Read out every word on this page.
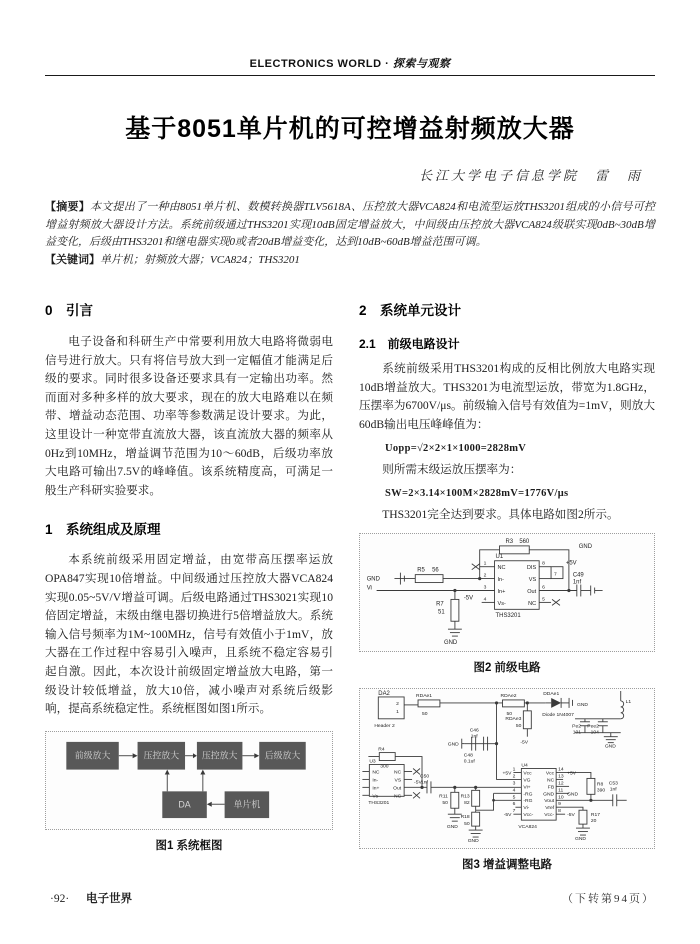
ELECTRONICS WORLD · 探索与观察
基于8051单片机的可控增益射频放大器
长江大学电子信息学院　雷　雨
【摘要】本文提出了一种由8051单片机、数模转换器TLV5618A、压控放大器VCA824和电流型运放THS3201组成的小信号可控增益射频放大器设计方法。系统前级通过THS3201实现10dB固定增益放大，中间级由压控放大器VCA824级联实现0dB~30dB增益变化，后级由THS3201和继电器实现0或者20dB增益变化，达到10dB~60dB增益范围可调。
【关键词】单片机；射频放大器；VCA824；THS3201
0　引言

电子设备和科研生产中常要利用放大电路将微弱电信号进行放大。只有将信号放大到一定幅值才能满足后级的要求。同时很多设备还要求具有一定输出功率。然而面对多种多样的放大要求，现在的放大电路难以在频带、增益动态范围、功率等参数满足设计要求。为此，这里设计一种宽带直流放大器，该直流放大器的频率从0Hz到10MHz，增益调节范围为10～60dB，后级功率放大电路可输出7.5V的峰峰值。该系统精度高，可满足一般生产科研实验要求。

1　系统组成及原理

本系统前级采用固定增益，由宽带高压摆率运放OPA847实现10倍增益。中间级通过压控放大器VCA824实现0.05~5V/V增益可调。后级电路通过THS3021实现10倍固定增益，末级由继电器切换进行5倍增益放大。系统输入信号频率为1M~100MHz，信号有效值小于1mV，放大器在工作过程中容易引入噪声，且系统不稳定容易引起自激。因此，本次设计前级固定增益放大电路，第一级设计较低增益，放大10倍，减小噪声对系统后级影响，提高系统稳定性。系统框图如图1所示。

前级放大	压控放大	压控放大	后级放大
DA	单片机
图1 系统框图
2　系统单元设计
2.1　前级电路设计

系统前级采用THS3201构成的反相比例放大电路实现10dB增益放大。THS3201为电流型运放，带宽为1.8GHz，压摆率为6700V/μs。前级输入信号有效值为=1mV，则放大60dB输出电压峰峰值为：

Uopp=√2×2×1×1000=2828mV

则所需末级运放压摆率为：

SW=2×3.14×100M×2828mV=1776V/μs

THS3201完全达到要求。具体电路如图2所示。

R3 560
R5 56
R7
51
GND
Vi
GND
U1
THS3201
NC
In-
In+
Vs-
DIS
VS
Out
NC
1
2
3
4
8
7
6
5
+5V
-5V
C49
1nf
GND
图2 前级电路
DA2
2
1
Header 2
RDAe1
50
RDAe2
50
RDAe3
50
-5V
DDAe1
Diode 1N4007
GND
C46
1nf
C48
0.1uf
GND
Pe2
101
Pee2
104
GND
L1
R4
300
U3
NC
In-
In+
Vs-
NC
VS
Out
NC
THS3201
-5V
C50
1nf
R11
50
R13
82
R18
50
GND
GND
U4
VCA824
Vcc
VG
Vi+
-RG
-RG
Vi-
Vcc-
Vcc
NC
FB
GND
Vout
Vref
Vcc-
1
2
3
4
5
6
7
14
13
12
11
10
9
8
+5V
-5V
+5V
GND
-5V
R8
390
C53
1nf
R17
20
GND
图3 增益调整电路
（下转第94页）
·92· 电子世界
